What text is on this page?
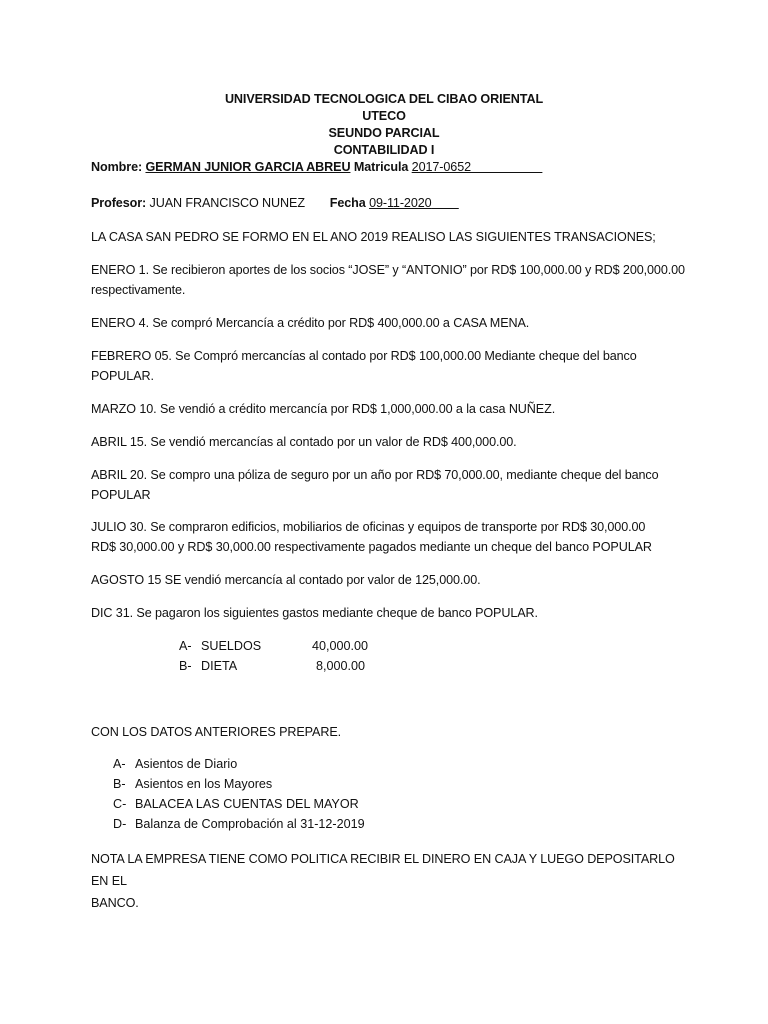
UNIVERSIDAD TECNOLOGICA DEL CIBAO ORIENTAL
UTECO
SEUNDO PARCIAL
CONTABILIDAD I
Nombre: GERMAN JUNIOR GARCIA ABREU Matricula 2017-0652
Profesor: JUAN FRANCISCO NUNEZ Fecha 09-11-2020
LA CASA SAN PEDRO SE FORMO EN EL ANO 2019 REALISO LAS SIGUIENTES TRANSACIONES;
ENERO 1. Se recibieron aportes de los socios “JOSE” y “ANTONIO” por RD$ 100,000.00 y RD$ 200,000.00
respectivamente.
ENERO 4. Se compró Mercancía a crédito por RD$ 400,000.00 a CASA MENA.
FEBRERO 05. Se Compró mercancías al contado por RD$ 100,000.00 Mediante cheque del banco
POPULAR.
MARZO 10. Se vendió a crédito mercancía por RD$ 1,000,000.00 a la casa NUÑEZ.
ABRIL 15. Se vendió mercancías al contado por un valor de RD$ 400,000.00.
ABRIL 20. Se compro una póliza de seguro por un año por RD$ 70,000.00, mediante cheque del banco
POPULAR
JULIO 30. Se compraron edificios, mobiliarios de oficinas y equipos de transporte por RD$ 30,000.00
RD$ 30,000.00 y RD$ 30,000.00 respectivamente pagados mediante un cheque del banco POPULAR
AGOSTO 15 SE vendió mercancía al contado por valor de 125,000.00.
DIC 31. Se pagaron los siguientes gastos mediante cheque de banco POPULAR.
A- SUELDOS	40,000.00
B- DIETA	8,000.00
CON LOS DATOS ANTERIORES PREPARE.
A- Asientos de Diario
B- Asientos en los Mayores
C- BALACEA LAS CUENTAS DEL MAYOR
D- Balanza de Comprobación al 31-12-2019
NOTA LA EMPRESA TIENE COMO POLITICA RECIBIR EL DINERO EN CAJA Y LUEGO DEPOSITARLO EN EL
BANCO.
